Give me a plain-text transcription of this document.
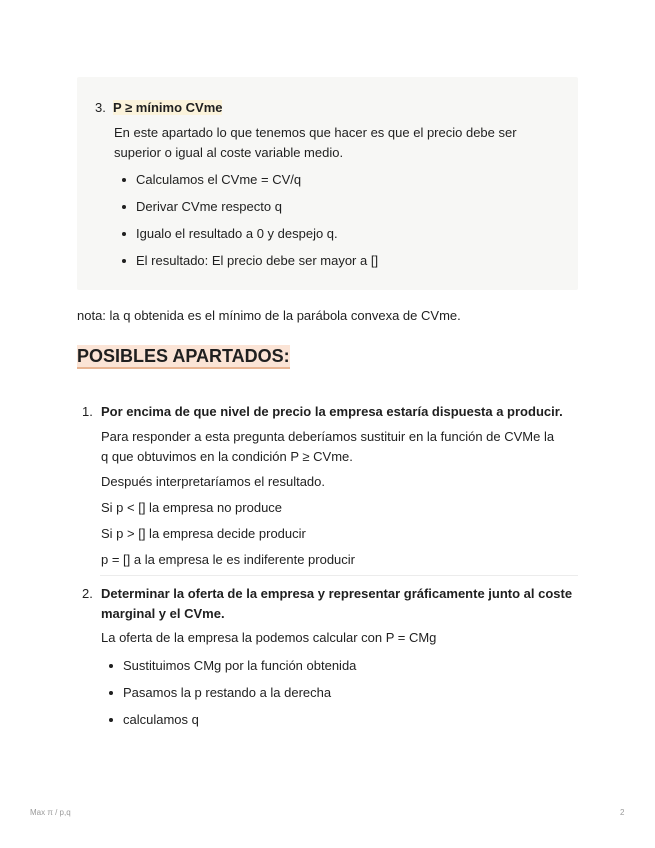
3. P ≥ mínimo CVme
En este apartado lo que tenemos que hacer es que el precio debe ser
superior o igual al coste variable medio.
Calculamos el CVme = CV/q
Derivar CVme respecto q
Igualo el resultado a 0 y despejo q.
El resultado: El precio debe ser mayor a []
nota: la q obtenida es el mínimo de la parábola convexa de CVme.
POSIBLES APARTADOS:
1. Por encima de que nivel de precio la empresa estaría dispuesta a producir.
Para responder a esta pregunta deberíamos sustituir en la función de CVMe la
q que obtuvimos en la condición P ≥ CVme.
Después interpretaríamos el resultado.
Si p < [] la empresa no produce
Si p > [] la empresa decide producir
p = [] a la empresa le es indiferente producir
2. Determinar la oferta de la empresa y representar gráficamente junto al coste
marginal y el CVme.
La oferta de la empresa la podemos calcular con P = CMg
Sustituimos CMg por la función obtenida
Pasamos la p restando a la derecha
calculamos q
Max π / p,q	2
